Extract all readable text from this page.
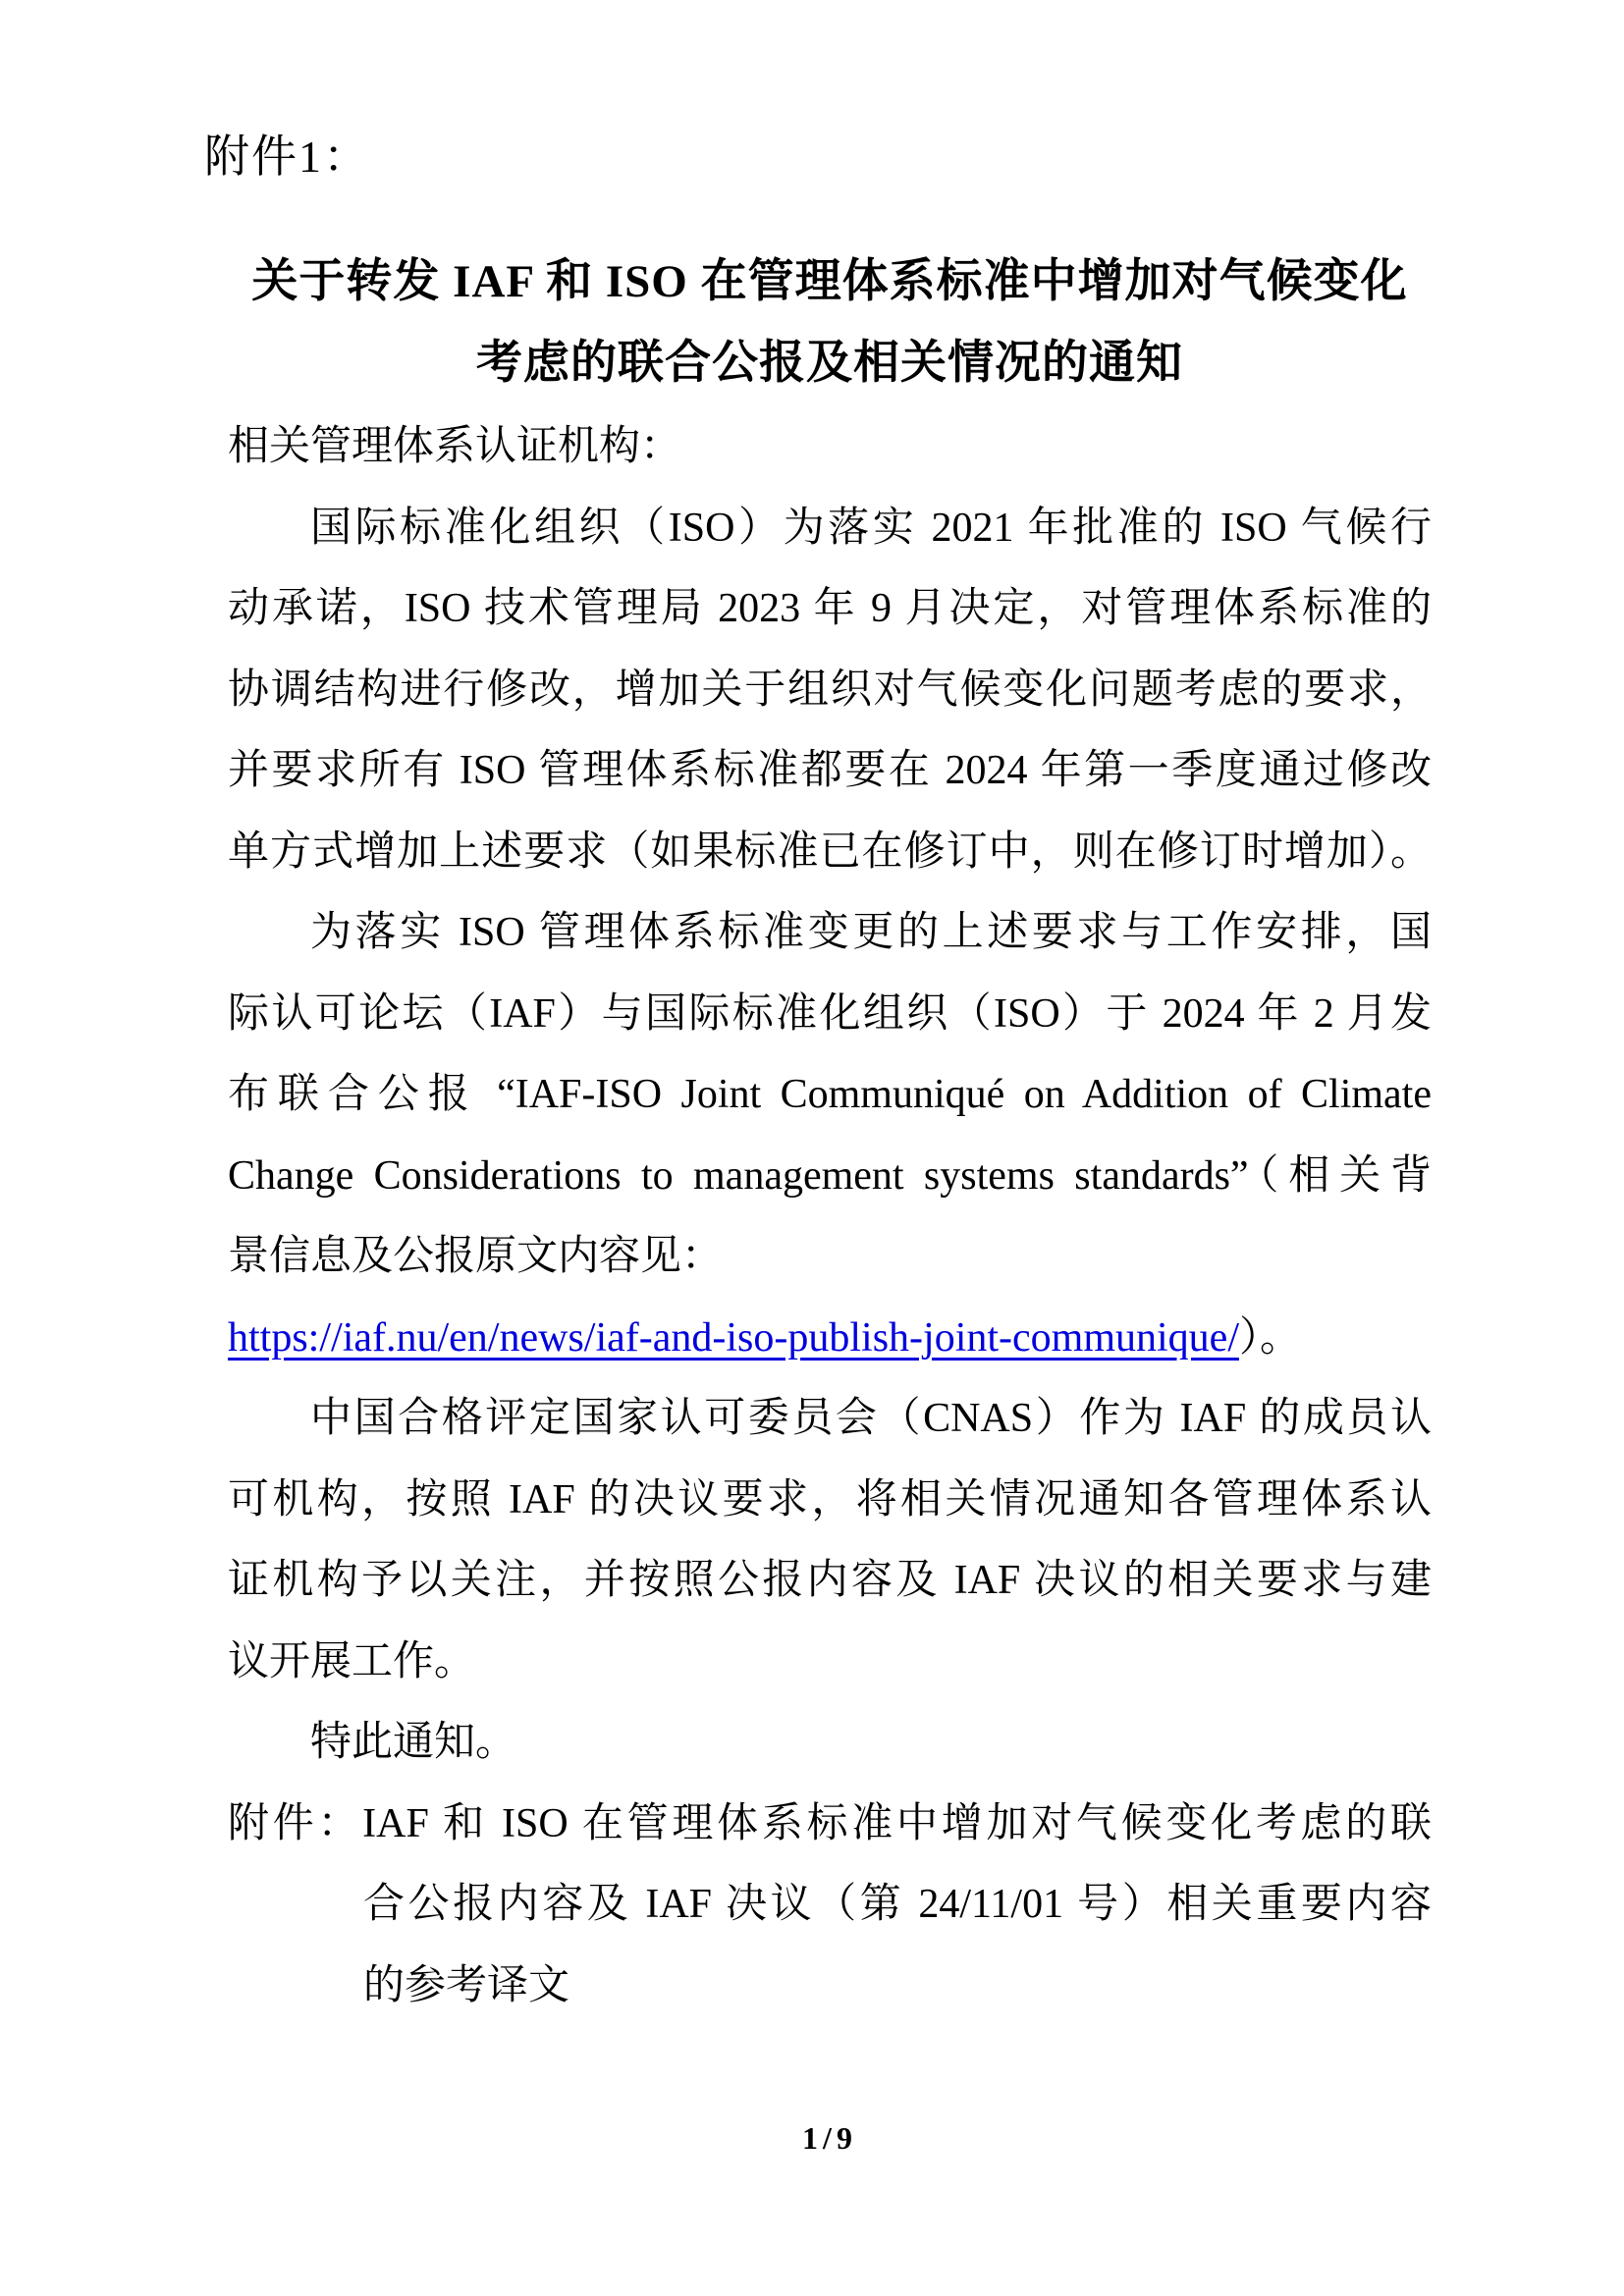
附件1：
关于转发 IAF 和 ISO 在管理体系标准中增加对气候变化
考虑的联合公报及相关情况的通知
相关管理体系认证机构：
国际标准化组织（ISO）为落实 2021 年批准的 ISO 气候行
动承诺，ISO 技术管理局 2023 年 9 月决定，对管理体系标准的
协调结构进行修改，增加关于组织对气候变化问题考虑的要求，
并要求所有 ISO 管理体系标准都要在 2024 年第一季度通过修改
单方式增加上述要求（如果标准已在修订中，则在修订时增加）。
为落实 ISO 管理体系标准变更的上述要求与工作安排，国
际认可论坛（IAF）与国际标准化组织（ISO）于 2024 年 2 月发
布联合公报 “IAF-ISO Joint Communiqué on Addition of Climate
Change Considerations to management systems standards”（相关背
景信息及公报原文内容见：
https://iaf.nu/en/news/iaf-and-iso-publish-joint-communique/）。
中国合格评定国家认可委员会（CNAS）作为 IAF 的成员认
可机构，按照 IAF 的决议要求，将相关情况通知各管理体系认
证机构予以关注，并按照公报内容及 IAF 决议的相关要求与建
议开展工作。
特此通知。
附件：IAF 和 ISO 在管理体系标准中增加对气候变化考虑的联
合公报内容及 IAF 决议（第 24/11/01 号）相关重要内容
的参考译文
1/9
